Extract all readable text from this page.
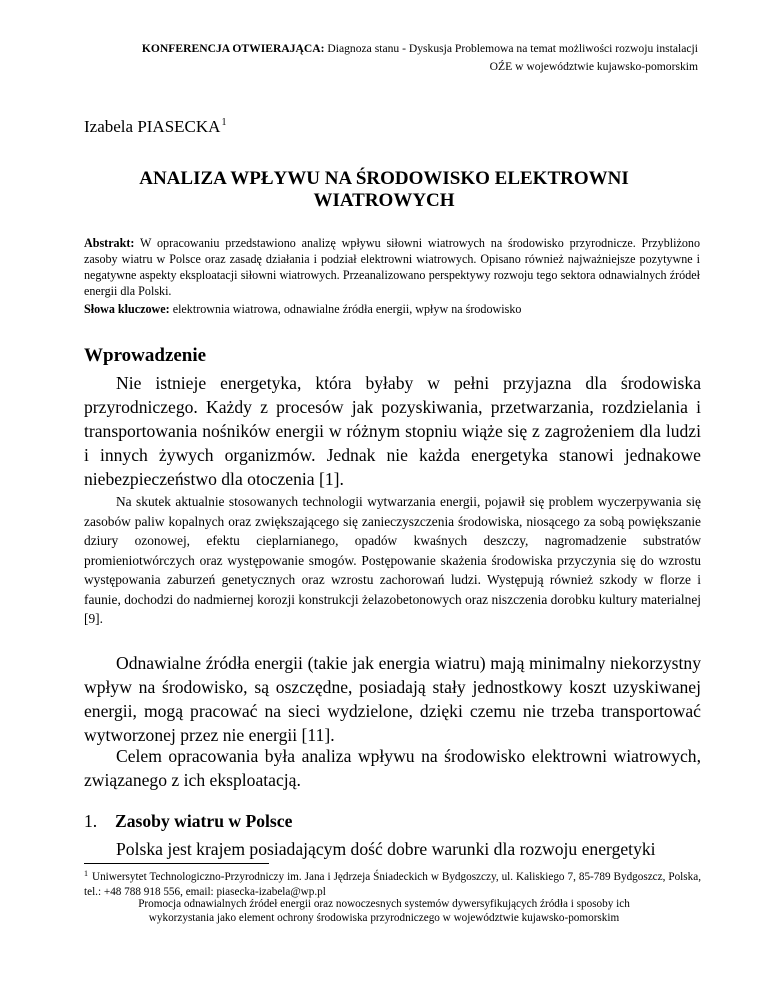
KONFERENCJA OTWIERAJĄCA: Diagnoza stanu - Dyskusja Problemowa na temat możliwości rozwoju instalacji
OŹE w województwie kujawsko-pomorskim
Izabela PIASECKA$^1$
ANALIZA WPŁYWU NA ŚRODOWISKO ELEKTROWNI
WIATROWYCH
Abstrakt: W opracowaniu przedstawiono analizę wpływu siłowni wiatrowych na środowisko przyrodnicze. Przybliżono zasoby wiatru w Polsce oraz zasadę działania i podział elektrowni wiatrowych. Opisano również najważniejsze pozytywne i negatywne aspekty eksploatacji siłowni wiatrowych. Przeanalizowano perspektywy rozwoju tego sektora odnawialnych źródeł energii dla Polski.
Słowa kluczowe: elektrownia wiatrowa, odnawialne źródła energii, wpływ na środowisko
Wprowadzenie
Nie istnieje energetyka, która byłaby w pełni przyjazna dla środowiska przyrodniczego. Każdy z procesów jak pozyskiwania, przetwarzania, rozdzielania i transportowania nośników energii w różnym stopniu wiąże się z zagrożeniem dla ludzi i innych żywych organizmów. Jednak nie każda energetyka stanowi jednakowe niebezpieczeństwo dla otoczenia [1].
Na skutek aktualnie stosowanych technologii wytwarzania energii, pojawił się problem wyczerpywania się zasobów paliw kopalnych oraz zwiększającego się zanieczyszczenia środowiska, niosącego za sobą powiększanie dziury ozonowej, efektu cieplarnianego, opadów kwaśnych deszczy, nagromadzenie substratów promieniotwórczych oraz występowanie smogów. Postępowanie skażenia środowiska przyczynia się do wzrostu występowania zaburzeń genetycznych oraz wzrostu zachorowań ludzi. Występują również szkody w florze i faunie, dochodzi do nadmiernej korozji konstrukcji żelazobetonowych oraz niszczenia dorobku kultury materialnej [9].
Odnawialne źródła energii (takie jak energia wiatru) mają minimalny niekorzystny wpływ na środowisko, są oszczędne, posiadają stały jednostkowy koszt uzyskiwanej energii, mogą pracować na sieci wydzielone, dzięki czemu nie trzeba transportować wytworzonej przez nie energii [11].
Celem opracowania była analiza wpływu na środowisko elektrowni wiatrowych, związanego z ich eksploatacją.
1. Zasoby wiatru w Polsce
Polska jest krajem posiadającym dość dobre warunki dla rozwoju energetyki
$^1$ Uniwersytet Technologiczno-Przyrodniczy im. Jana i Jędrzeja Śniadeckich w Bydgoszczy, ul. Kaliskiego 7, 85-789 Bydgoszcz, Polska, tel.: +48 788 918 556, email: piasecka-izabela@wp.pl
Promocja odnawialnych źródeł energii oraz nowoczesnych systemów dywersyfikujących źródła i sposoby ich
wykorzystania jako element ochrony środowiska przyrodniczego w województwie kujawsko-pomorskim
